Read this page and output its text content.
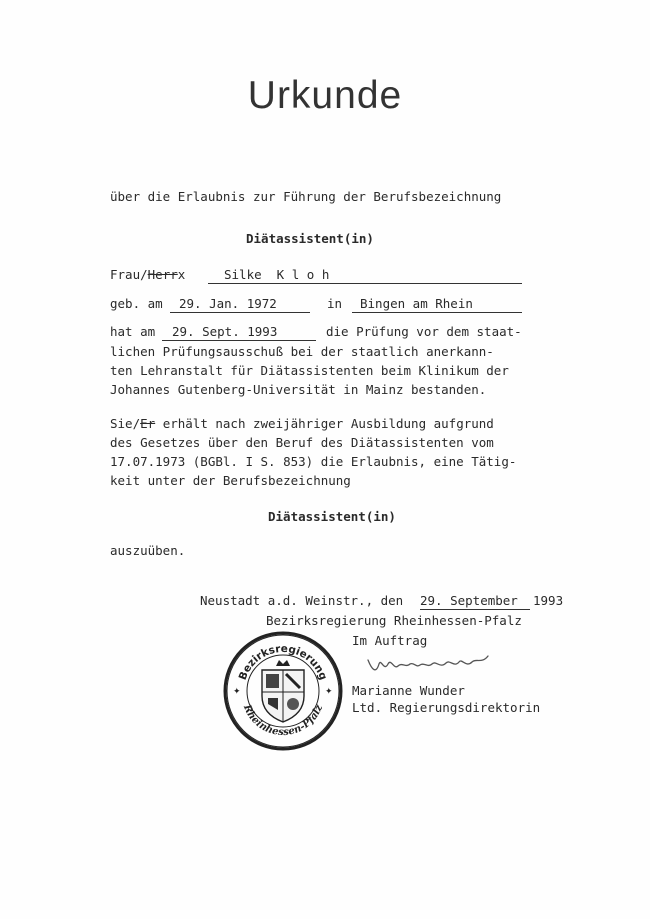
Urkunde
über die Erlaubnis zur Führung der Berufsbezeichnung
Diätassistent(in)
Frau/Herrx	Silke  K l o h
geb. am	29. Jan. 1972	in	Bingen am Rhein
hat am	29. Sept. 1993	die Prüfung vor dem staat-
lichen Prüfungsausschuß bei der staatlich anerkann-
ten Lehranstalt für Diätassistenten beim Klinikum der
Johannes Gutenberg-Universität in Mainz bestanden.
Sie/Er erhält nach zweijähriger Ausbildung aufgrund
des Gesetzes über den Beruf des Diätassistenten vom
17.07.1973 (BGBl. I S. 853) die Erlaubnis, eine Tätig-
keit unter der Berufsbezeichnung
Diätassistent(in)
auszuüben.
Neustadt a.d. Weinstr., den 29. September	1993
Bezirksregierung Rheinhessen-Pfalz
Im Auftrag
Marianne Wunder
Ltd. Regierungsdirektorin
Bezirksregierung
Rheinhessen-Pfalz
✦	✦
